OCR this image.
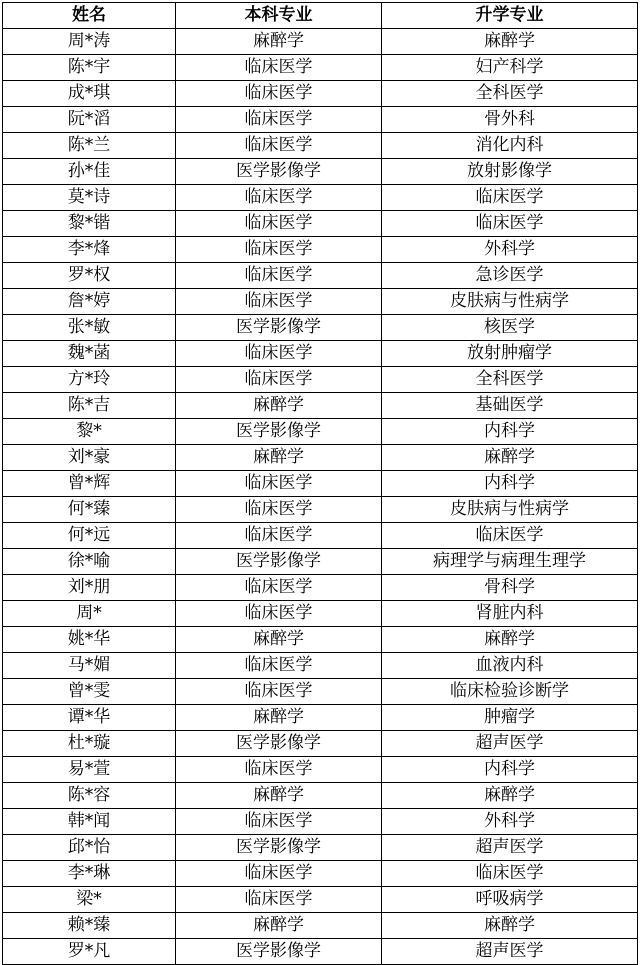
姓名	本科专业	升学专业
周*涛	麻醉学	麻醉学
陈*宇	临床医学	妇产科学
成*琪	临床医学	全科医学
阮*滔	临床医学	骨外科
陈*兰	临床医学	消化内科
孙*佳	医学影像学	放射影像学
莫*诗	临床医学	临床医学
黎*锴	临床医学	临床医学
李*烽	临床医学	外科学
罗*权	临床医学	急诊医学
詹*婷	临床医学	皮肤病与性病学
张*敏	医学影像学	核医学
魏*菡	临床医学	放射肿瘤学
方*玲	临床医学	全科医学
陈*吉	麻醉学	基础医学
黎*	医学影像学	内科学
刘*豪	麻醉学	麻醉学
曾*辉	临床医学	内科学
何*臻	临床医学	皮肤病与性病学
何*远	临床医学	临床医学
徐*喻	医学影像学	病理学与病理生理学
刘*朋	临床医学	骨科学
周*	临床医学	肾脏内科
姚*华	麻醉学	麻醉学
马*媚	临床医学	血液内科
曾*雯	临床医学	临床检验诊断学
谭*华	麻醉学	肿瘤学
杜*璇	医学影像学	超声医学
易*萱	临床医学	内科学
陈*容	麻醉学	麻醉学
韩*闻	临床医学	外科学
邱*怡	医学影像学	超声医学
李*琳	临床医学	临床医学
梁*	临床医学	呼吸病学
赖*臻	麻醉学	麻醉学
罗*凡	医学影像学	超声医学
